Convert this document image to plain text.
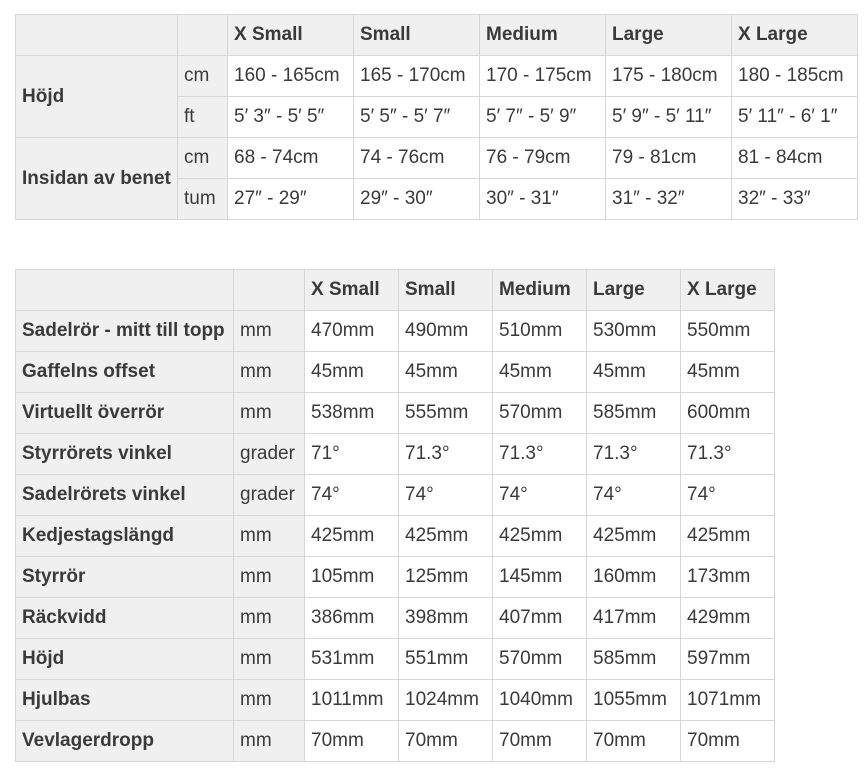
		X Small	Small	Medium	Large	X Large
Höjd	cm	160 - 165cm	165 - 170cm	170 - 175cm	175 - 180cm	180 - 185cm
	ft	5′ 3″ - 5′ 5″	5′ 5″ - 5′ 7″	5′ 7″ - 5′ 9″	5′ 9″ - 5′ 11″	5′ 11″ - 6′ 1″
Insidan av benet	cm	68 - 74cm	74 - 76cm	76 - 79cm	79 - 81cm	81 - 84cm
	tum	27″ - 29″	29″ - 30″	30″ - 31″	31″ - 32″	32″ - 33″
		X Small	Small	Medium	Large	X Large
Sadelrör - mitt till topp	mm	470mm	490mm	510mm	530mm	550mm
Gaffelns offset	mm	45mm	45mm	45mm	45mm	45mm
Virtuellt överrör	mm	538mm	555mm	570mm	585mm	600mm
Styrrörets vinkel	grader	71°	71.3°	71.3°	71.3°	71.3°
Sadelrörets vinkel	grader	74°	74°	74°	74°	74°
Kedjestagslängd	mm	425mm	425mm	425mm	425mm	425mm
Styrrör	mm	105mm	125mm	145mm	160mm	173mm
Räckvidd	mm	386mm	398mm	407mm	417mm	429mm
Höjd	mm	531mm	551mm	570mm	585mm	597mm
Hjulbas	mm	1011mm	1024mm	1040mm	1055mm	1071mm
Vevlagerdropp	mm	70mm	70mm	70mm	70mm	70mm
